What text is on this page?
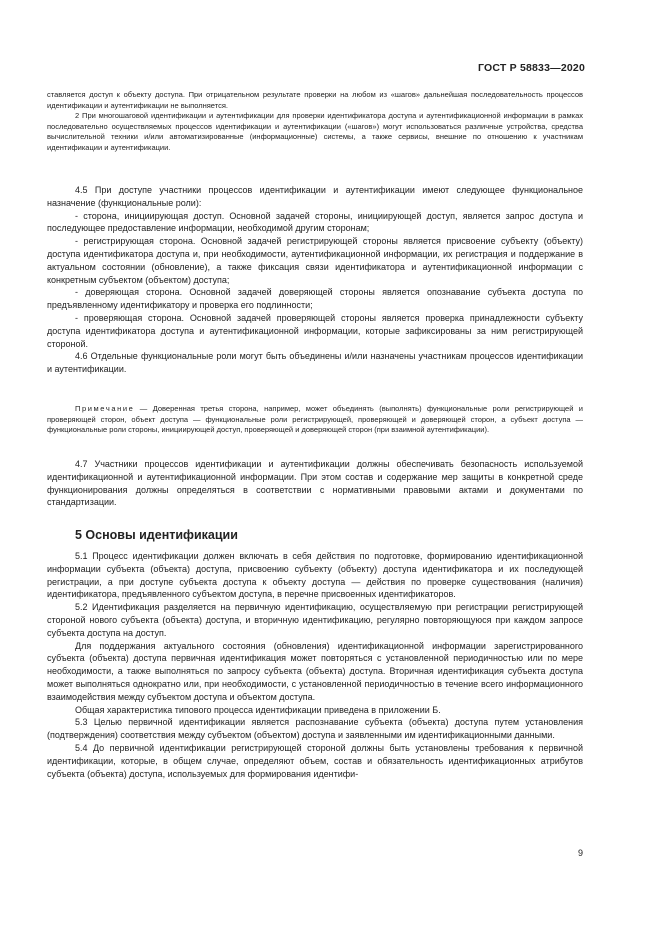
ГОСТ Р 58833—2020

ставляется доступ к объекту доступа. При отрицательном результате проверки на любом из «шагов» дальнейшая последовательность процессов идентификации и аутентификации не выполняется.

2 При многошаговой идентификации и аутентификации для проверки идентификатора доступа и аутентификационной информации в рамках последовательно осуществляемых процессов идентификации и аутентификации («шагов») могут использоваться различные устройства, средства вычислительной техники и/или автоматизированные (информационные) системы, а также сервисы, внешние по отношению к участникам идентификации и аутентификации.

4.5 При доступе участники процессов идентификации и аутентификации имеют следующее функциональное назначение (функциональные роли):

- сторона, инициирующая доступ. Основной задачей стороны, инициирующей доступ, является запрос доступа и последующее предоставление информации, необходимой другим сторонам;

- регистрирующая сторона. Основной задачей регистрирующей стороны является присвоение субъекту (объекту) доступа идентификатора доступа и, при необходимости, аутентификационной информации, их регистрация и поддержание в актуальном состоянии (обновление), а также фиксация связи идентификатора и аутентификационной информации с конкретным субъектом (объектом) доступа;

- доверяющая сторона. Основной задачей доверяющей стороны является опознавание субъекта доступа по предъявленному идентификатору и проверка его подлинности;

- проверяющая сторона. Основной задачей проверяющей стороны является проверка принадлежности субъекту доступа идентификатора доступа и аутентификационной информации, которые зафиксированы за ним регистрирующей стороной.

4.6 Отдельные функциональные роли могут быть объединены и/или назначены участникам процессов идентификации и аутентификации.

Примечание — Доверенная третья сторона, например, может объединять (выполнять) функциональные роли регистрирующей и проверяющей сторон, объект доступа — функциональные роли регистрирующей, проверяющей и доверяющей сторон, а субъект доступа — функциональные роли стороны, инициирующей доступ, проверяющей и доверяющей сторон (при взаимной аутентификации).

4.7 Участники процессов идентификации и аутентификации должны обеспечивать безопасность используемой идентификационной и аутентификационной информации. При этом состав и содержание мер защиты в конкретной среде функционирования должны определяться в соответствии с нормативными правовыми актами и документами по стандартизации.

5 Основы идентификации

5.1 Процесс идентификации должен включать в себя действия по подготовке, формированию идентификационной информации субъекта (объекта) доступа, присвоению субъекту (объекту) доступа идентификатора и их последующей регистрации, а при доступе субъекта доступа к объекту доступа — действия по проверке существования (наличия) идентификатора, предъявленного субъектом доступа, в перечне присвоенных идентификаторов.

5.2 Идентификация разделяется на первичную идентификацию, осуществляемую при регистрации регистрирующей стороной нового субъекта (объекта) доступа, и вторичную идентификацию, регулярно повторяющуюся при каждом запросе субъекта доступа на доступ.

Для поддержания актуального состояния (обновления) идентификационной информации зарегистрированного субъекта (объекта) доступа первичная идентификация может повторяться с установленной периодичностью или по мере необходимости, а также выполняться по запросу субъекта (объекта) доступа. Вторичная идентификация субъекта доступа может выполняться однократно или, при необходимости, с установленной периодичностью в течение всего информационного взаимодействия между субъектом доступа и объектом доступа.

Общая характеристика типового процесса идентификации приведена в приложении Б.

5.3 Целью первичной идентификации является распознавание субъекта (объекта) доступа путем установления (подтверждения) соответствия между субъектом (объектом) доступа и заявленными им идентификационными данными.

5.4 До первичной идентификации регистрирующей стороной должны быть установлены требования к первичной идентификации, которые, в общем случае, определяют объем, состав и обязательность идентификационных атрибутов субъекта (объекта) доступа, используемых для формирования идентифи-

9
